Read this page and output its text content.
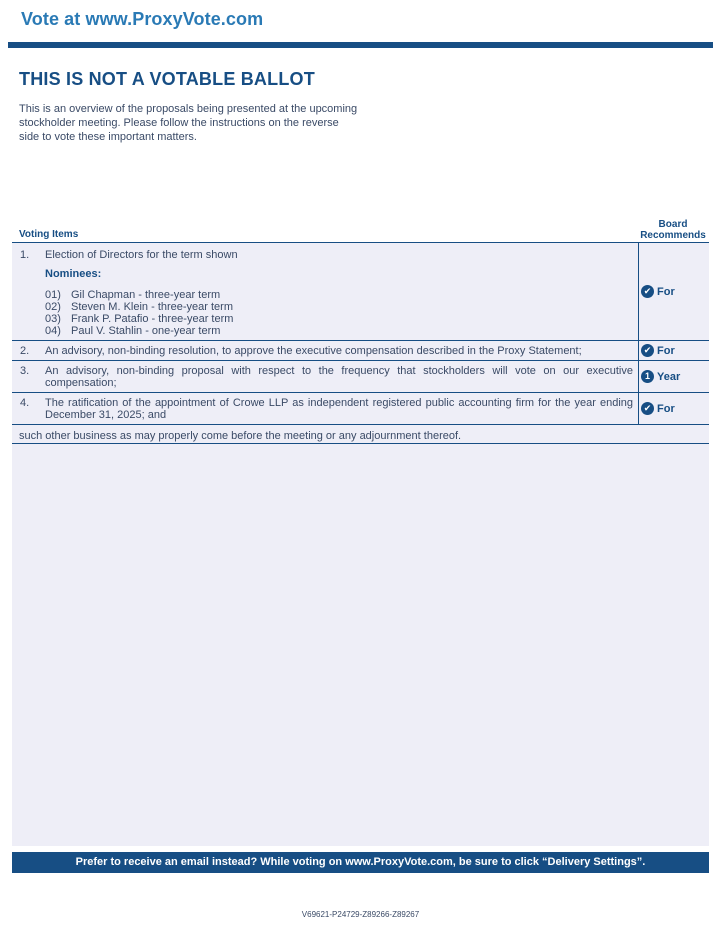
Vote at www.ProxyVote.com
THIS IS NOT A VOTABLE BALLOT
This is an overview of the proposals being presented at the upcoming stockholder meeting. Please follow the instructions on the reverse side to vote these important matters.
Voting Items
Board
Recommends
1. Election of Directors for the term shown
Nominees:
01) Gil Chapman - three-year term
02) Steven M. Klein - three-year term
03) Frank P. Patafio - three-year term
04) Paul V. Stahlin - one-year term
✔ For
2. An advisory, non-binding resolution, to approve the executive compensation described in the Proxy Statement;	✔ For
3. An advisory, non-binding proposal with respect to the frequency that stockholders will vote on our executive compensation;
1 Year
4. The ratification of the appointment of Crowe LLP as independent registered public accounting firm for the year ending December 31, 2025; and
✔ For
such other business as may properly come before the meeting or any adjournment thereof.
Prefer to receive an email instead? While voting on www.ProxyVote.com, be sure to click “Delivery Settings”.
V69621-P24729-Z89266-Z89267
